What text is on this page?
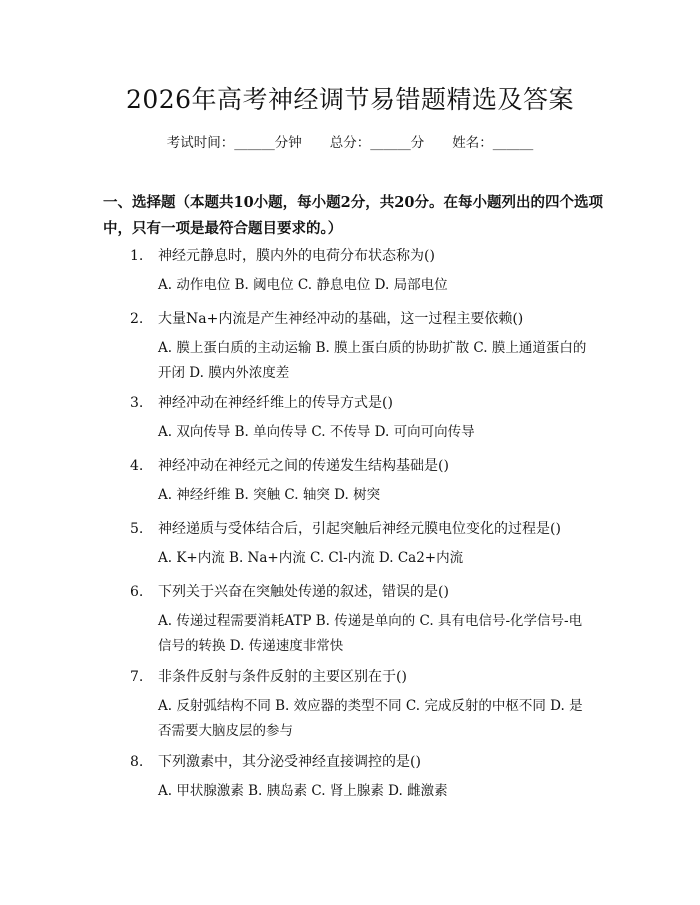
2026年高考神经调节易错题精选及答案
考试时间：______分钟 总分：______分 姓名：______
一、选择题（本题共10小题，每小题2分，共20分。在每小题列出的四个选项中，只有一项是最符合题目要求的。）
1. 神经元静息时，膜内外的电荷分布状态称为()
A. 动作电位 B. 阈电位 C. 静息电位 D. 局部电位
2. 大量Na+内流是产生神经冲动的基础，这一过程主要依赖()
A. 膜上蛋白质的主动运输 B. 膜上蛋白质的协助扩散 C. 膜上通道蛋白的开闭 D. 膜内外浓度差
3. 神经冲动在神经纤维上的传导方式是()
A. 双向传导 B. 单向传导 C. 不传导 D. 可向可向传导
4. 神经冲动在神经元之间的传递发生结构基础是()
A. 神经纤维 B. 突触 C. 轴突 D. 树突
5. 神经递质与受体结合后，引起突触后神经元膜电位变化的过程是()
A. K+内流 B. Na+内流 C. Cl-内流 D. Ca2+内流
6. 下列关于兴奋在突触处传递的叙述，错误的是()
A. 传递过程需要消耗ATP B. 传递是单向的 C. 具有电信号-化学信号-电信号的转换 D. 传递速度非常快
7. 非条件反射与条件反射的主要区别在于()
A. 反射弧结构不同 B. 效应器的类型不同 C. 完成反射的中枢不同 D. 是否需要大脑皮层的参与
8. 下列激素中，其分泌受神经直接调控的是()
A. 甲状腺激素 B. 胰岛素 C. 肾上腺素 D. 雌激素
